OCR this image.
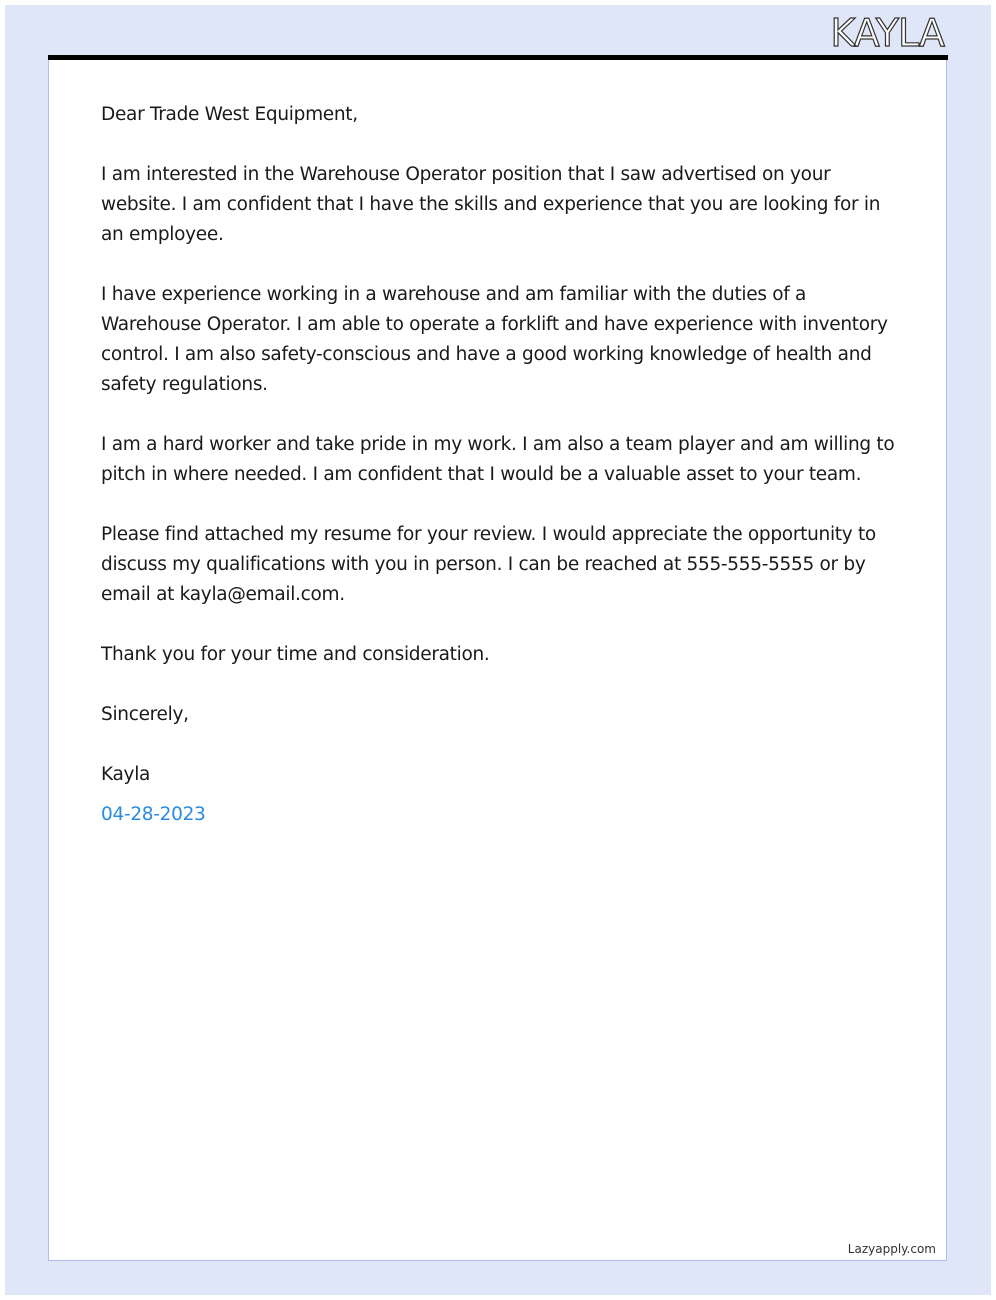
KAYLA

Dear Trade West Equipment,

I am interested in the Warehouse Operator position that I saw advertised on your website. I am confident that I have the skills and experience that you are looking for in an employee.

I have experience working in a warehouse and am familiar with the duties of a Warehouse Operator. I am able to operate a forklift and have experience with inventory control. I am also safety-conscious and have a good working knowledge of health and safety regulations.

I am a hard worker and take pride in my work. I am also a team player and am willing to pitch in where needed. I am confident that I would be a valuable asset to your team.

Please find attached my resume for your review. I would appreciate the opportunity to discuss my qualifications with you in person. I can be reached at 555-555-5555 or by email at kayla@email.com.

Thank you for your time and consideration.

Sincerely,

Kayla

04-28-2023

Lazyapply.com
